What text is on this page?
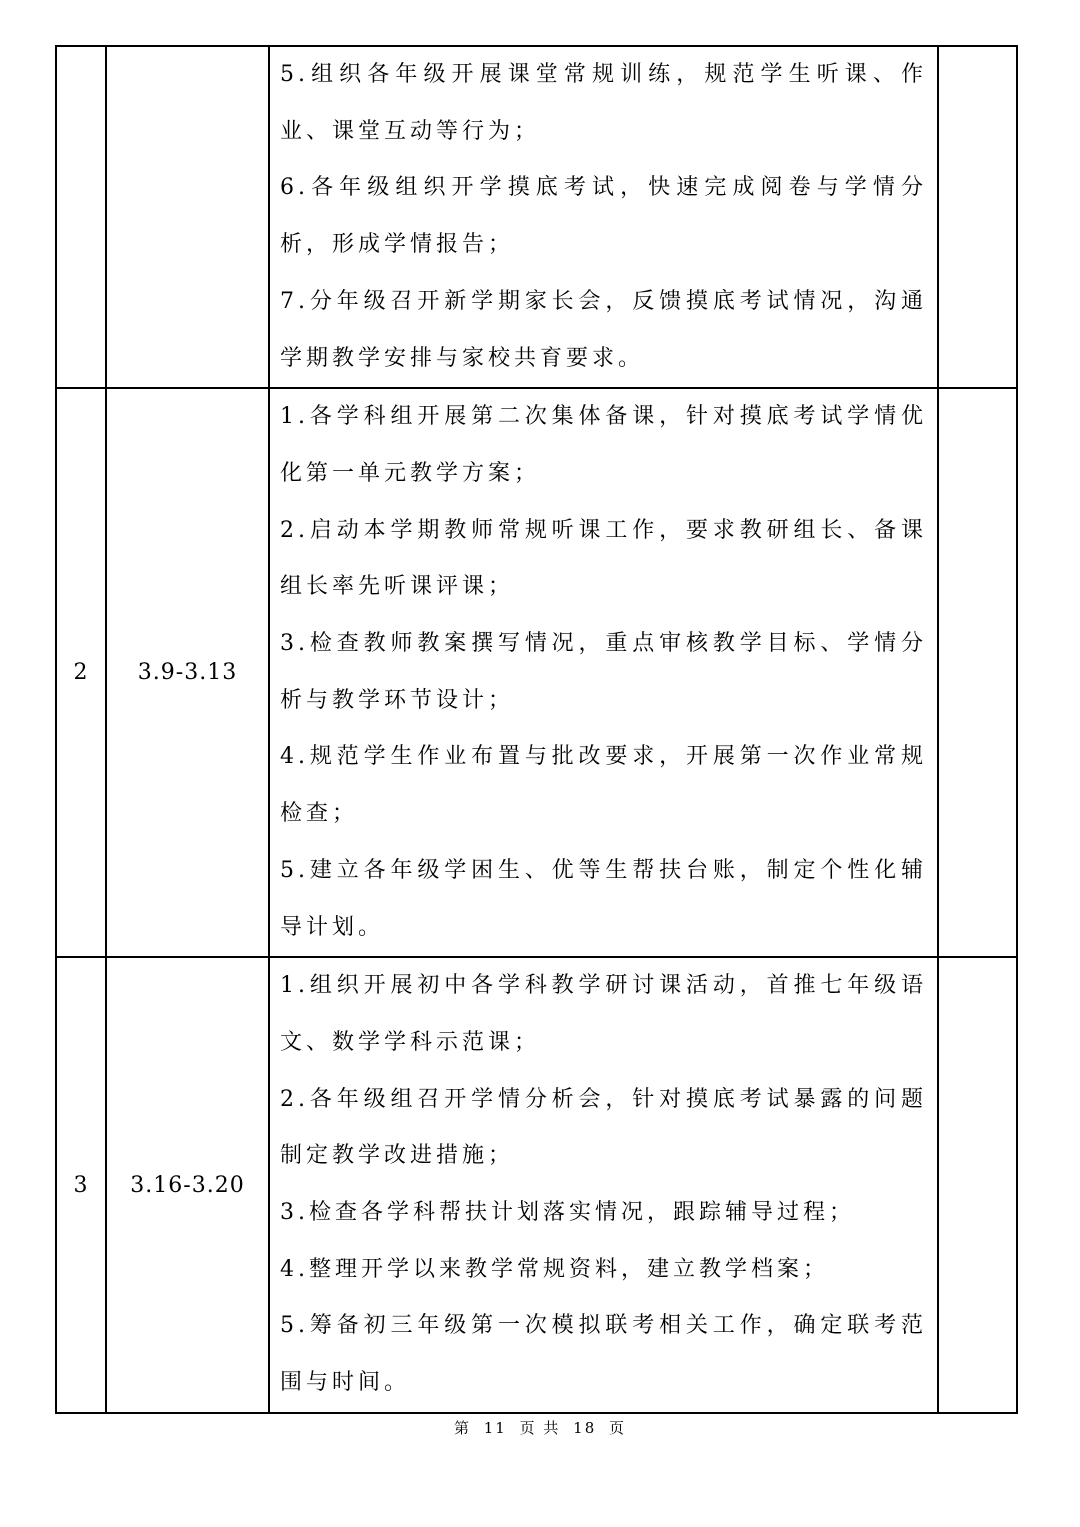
		5.组织各年级开展课堂常规训练，规范学生听课、作业、课堂互动等行为；
6.各年级组织开学摸底考试，快速完成阅卷与学情分析，形成学情报告；
7.分年级召开新学期家长会，反馈摸底考试情况，沟通学期教学安排与家校共育要求。	

2	3.9-3.13	1.各学科组开展第二次集体备课，针对摸底考试学情优化第一单元教学方案；
2.启动本学期教师常规听课工作，要求教研组长、备课组长率先听课评课；
3.检查教师教案撰写情况，重点审核教学目标、学情分析与教学环节设计；
4.规范学生作业布置与批改要求，开展第一次作业常规检查；
5.建立各年级学困生、优等生帮扶台账，制定个性化辅导计划。	

3	3.16-3.20	1.组织开展初中各学科教学研讨课活动，首推七年级语文、数学学科示范课；
2.各年级组召开学情分析会，针对摸底考试暴露的问题制定教学改进措施；
3.检查各学科帮扶计划落实情况，跟踪辅导过程；
4.整理开学以来教学常规资料，建立教学档案；
5.筹备初三年级第一次模拟联考相关工作，确定联考范围与时间。	

第 11 页 共 18 页
